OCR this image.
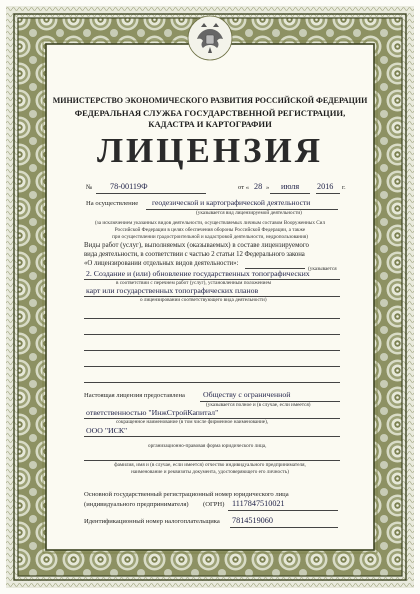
МИНИСТЕРСТВО ЭКОНОМИЧЕСКОГО РАЗВИТИЯ РОССИЙСКОЙ ФЕДЕРАЦИИ
ФЕДЕРАЛЬНАЯ СЛУЖБА ГОСУДАРСТВЕННОЙ РЕГИСТРАЦИИ,
КАДАСТРА И КАРТОГРАФИИ
ЛИЦЕНЗИЯ
№ 78-00119Ф	от « 28 » июля 2016 г.
На осуществление геодезической и картографической деятельности
(указывается вид лицензируемой деятельности)
(за исключением указанных видов деятельности, осуществляемых личным составом Вооруженных Сил
Российской Федерации в целях обеспечения обороны Российской Федерации, а также
при осуществлении градостроительной и кадастровой деятельности, недропользования)
Виды работ (услуг), выполняемых (оказываемых) в составе лицензируемого
вида деятельности, в соответствии с частью 2 статьи 12 Федерального закона
«О лицензировании отдельных видов деятельности»:
(указывается
2. Создание и (или) обновление государственных топографических
в соответствии с перечнем работ (услуг), установленным положением
карт или государственных топографических планов
о лицензировании соответствующего вида деятельности)
Настоящая лицензия предоставлена Обществу с ограниченной
(указывается полное и (в случае, если имеется)
ответственностью "ИнжСтройКапитал"
сокращенное наименование (в том числе фирменное наименование),
ООО "ИСК"
организационно-правовая форма юридического лица,
фамилия, имя и (в случае, если имеется) отчество индивидуального предпринимателя,
наименование и реквизиты документа, удостоверяющего его личность)
Основной государственный регистрационный номер юридического лица
(индивидуального предпринимателя) (ОГРН) 1117847510021
Идентификационный номер налогоплательщика 7814519060
